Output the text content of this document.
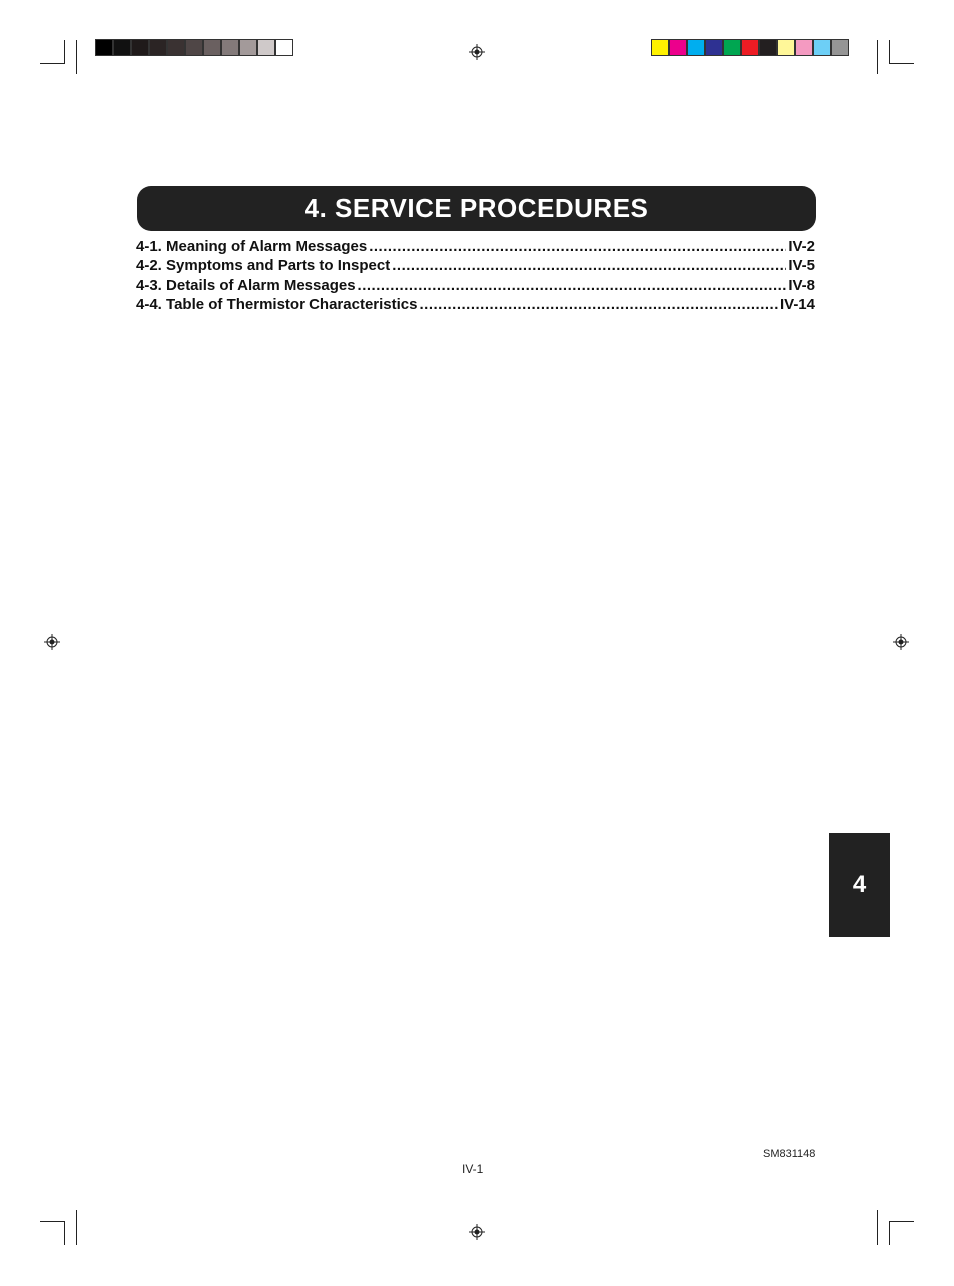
4. SERVICE PROCEDURES
4-1. Meaning of Alarm Messages .....	IV-2
4-2. Symptoms and Parts to Inspect .....	IV-5
4-3. Details of Alarm Messages .....	IV-8
4-4. Table of Thermistor Characteristics .....	IV-14
4
SM831148
IV-1
